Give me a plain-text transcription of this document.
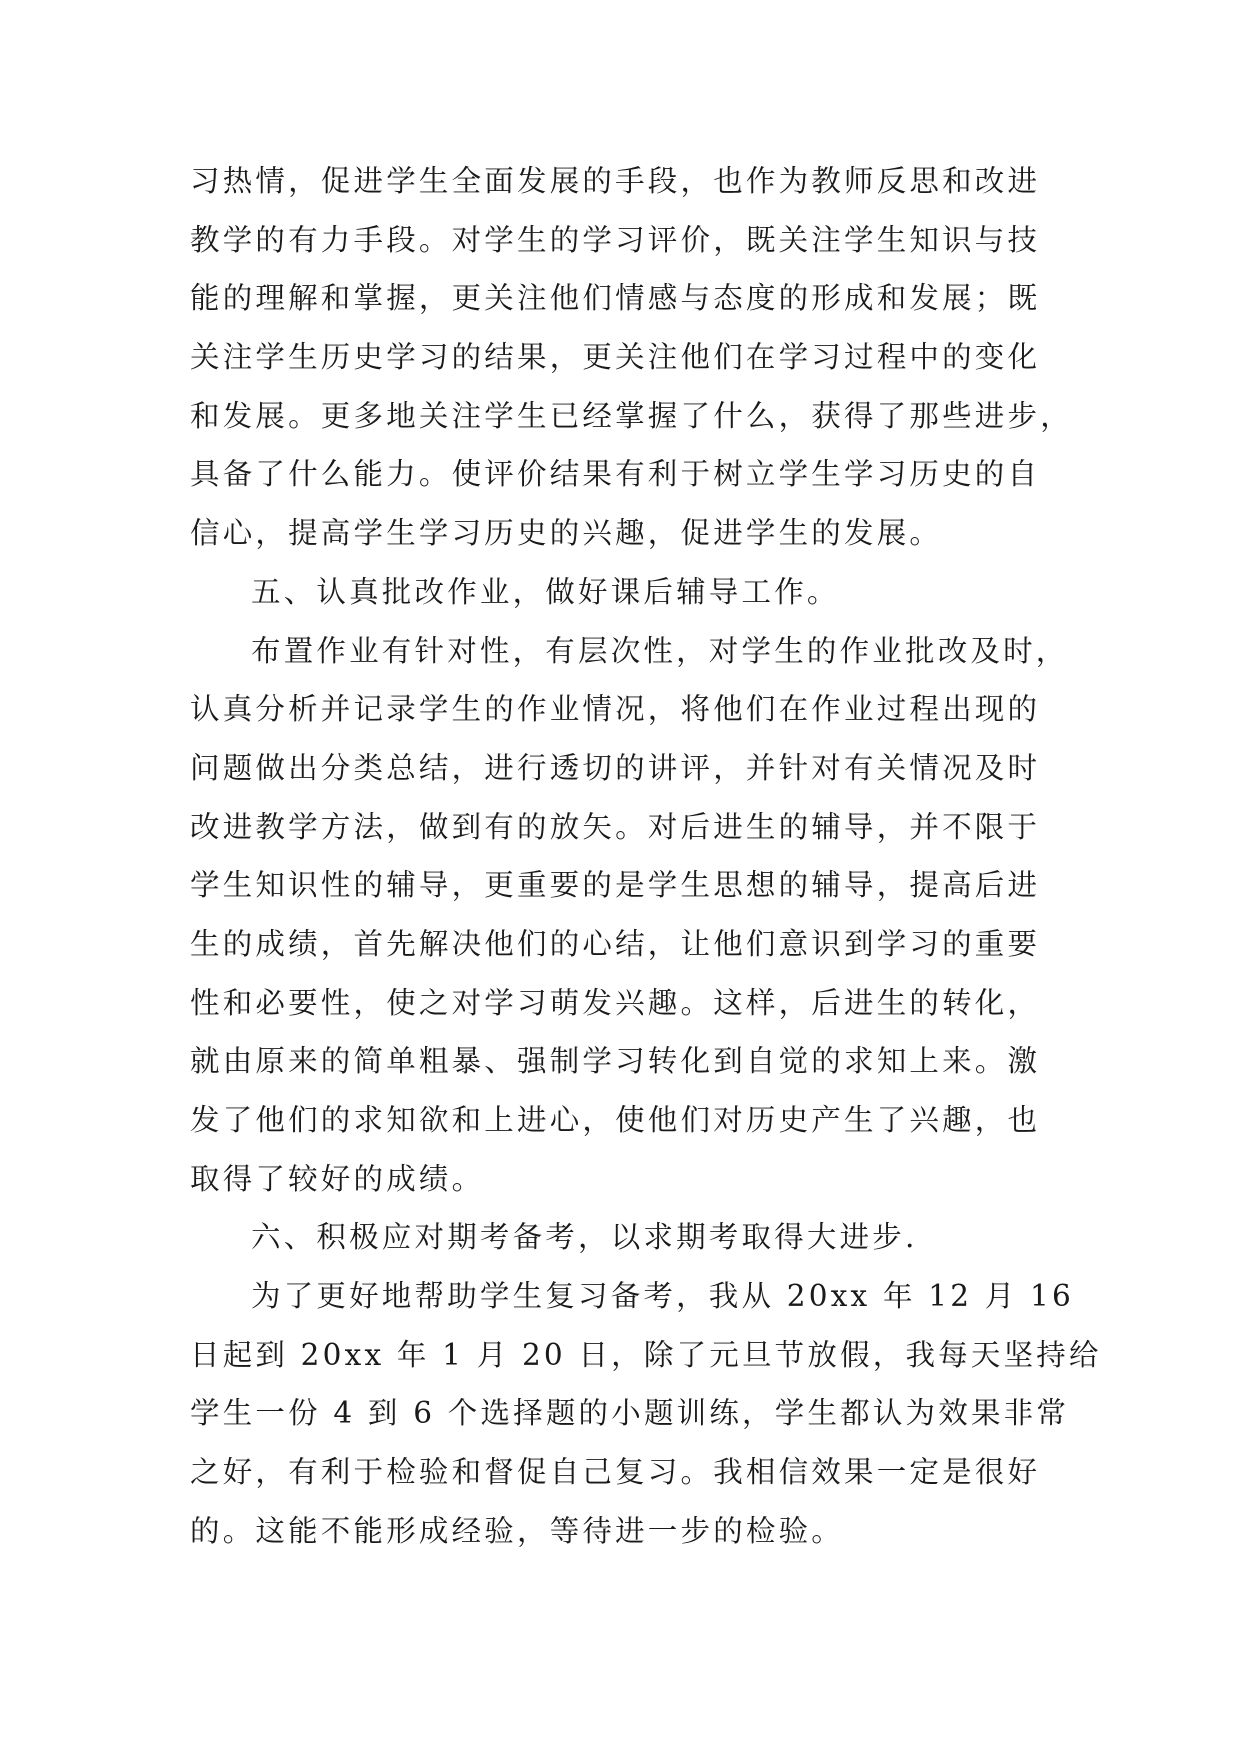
习热情，促进学生全面发展的手段，也作为教师反思和改进
教学的有力手段。对学生的学习评价，既关注学生知识与技
能的理解和掌握，更关注他们情感与态度的形成和发展；既
关注学生历史学习的结果，更关注他们在学习过程中的变化
和发展。更多地关注学生已经掌握了什么，获得了那些进步，
具备了什么能力。使评价结果有利于树立学生学习历史的自
信心，提高学生学习历史的兴趣，促进学生的发展。
五、认真批改作业，做好课后辅导工作。
布置作业有针对性，有层次性，对学生的作业批改及时，
认真分析并记录学生的作业情况，将他们在作业过程出现的
问题做出分类总结，进行透切的讲评，并针对有关情况及时
改进教学方法，做到有的放矢。对后进生的辅导，并不限于
学生知识性的辅导，更重要的是学生思想的辅导，提高后进
生的成绩，首先解决他们的心结，让他们意识到学习的重要
性和必要性，使之对学习萌发兴趣。这样，后进生的转化，
就由原来的简单粗暴、强制学习转化到自觉的求知上来。激
发了他们的求知欲和上进心，使他们对历史产生了兴趣，也
取得了较好的成绩。
六、积极应对期考备考，以求期考取得大进步.
为了更好地帮助学生复习备考，我从 20xx 年 12 月 16
日起到 20xx 年 1 月 20 日，除了元旦节放假，我每天坚持给
学生一份 4 到 6 个选择题的小题训练，学生都认为效果非常
之好，有利于检验和督促自己复习。我相信效果一定是很好
的。这能不能形成经验，等待进一步的检验。
